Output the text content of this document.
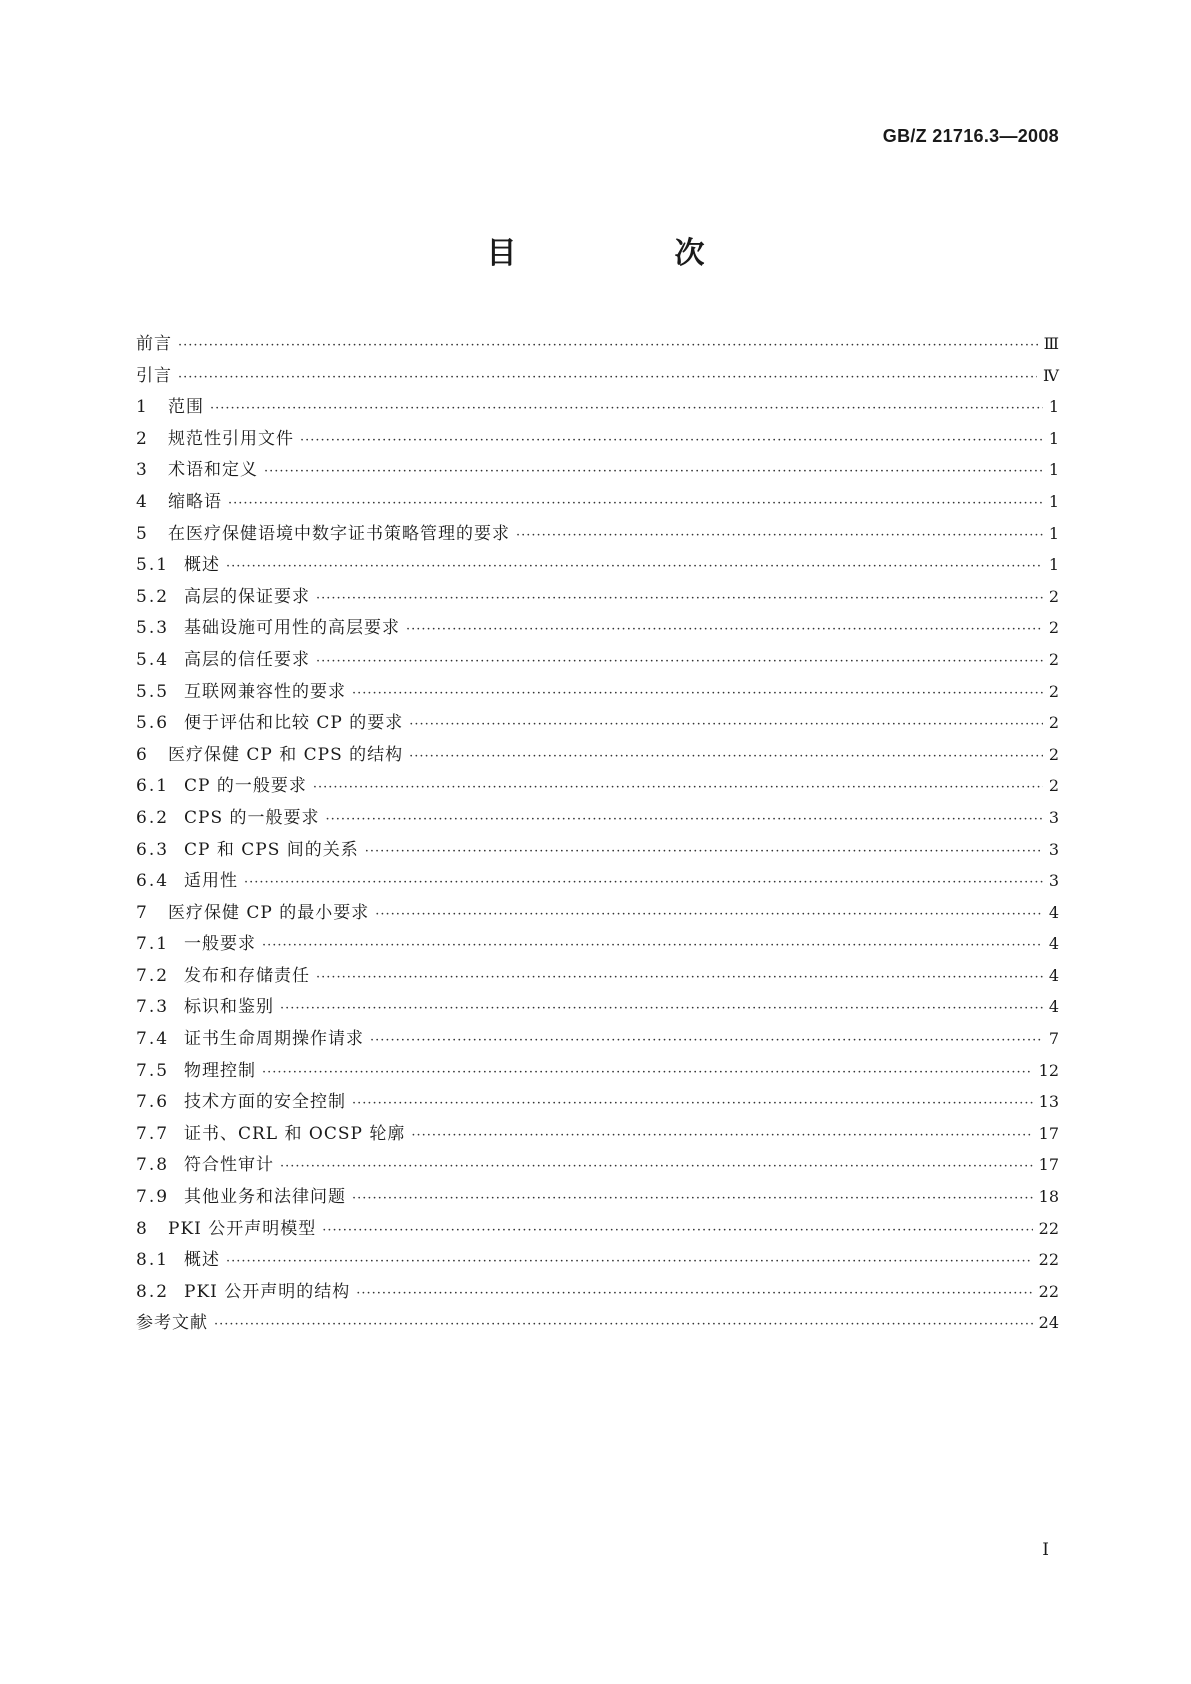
GB/Z 21716.3—2008
目　次
前言 ·····	Ⅲ
引言 ·····	Ⅳ
1	范围 ·····	1
2	规范性引用文件 ·····	1
3	术语和定义 ·····	1
4	缩略语 ·····	1
5	在医疗保健语境中数字证书策略管理的要求 ·····	1
5.1 概述 ·····	1
5.2 高层的保证要求 ·····	2
5.3 基础设施可用性的高层要求 ·····	2
5.4 高层的信任要求 ·····	2
5.5 互联网兼容性的要求 ·····	2
5.6 便于评估和比较 CP 的要求 ·····	2
6	医疗保健 CP 和 CPS 的结构 ·····	2
6.1 CP 的一般要求 ·····	2
6.2 CPS 的一般要求 ·····	3
6.3 CP 和 CPS 间的关系 ·····	3
6.4 适用性 ·····	3
7	医疗保健 CP 的最小要求 ·····	4
7.1 一般要求 ·····	4
7.2 发布和存储责任 ·····	4
7.3 标识和鉴别 ·····	4
7.4 证书生命周期操作请求 ·····	7
7.5 物理控制 ·····	12
7.6 技术方面的安全控制 ·····	13
7.7 证书、CRL 和 OCSP 轮廓 ·····	17
7.8 符合性审计 ·····	17
7.9 其他业务和法律问题 ·····	18
8	PKI 公开声明模型 ·····	22
8.1 概述 ·····	22
8.2 PKI 公开声明的结构 ·····	22
参考文献 ·····	24
I
